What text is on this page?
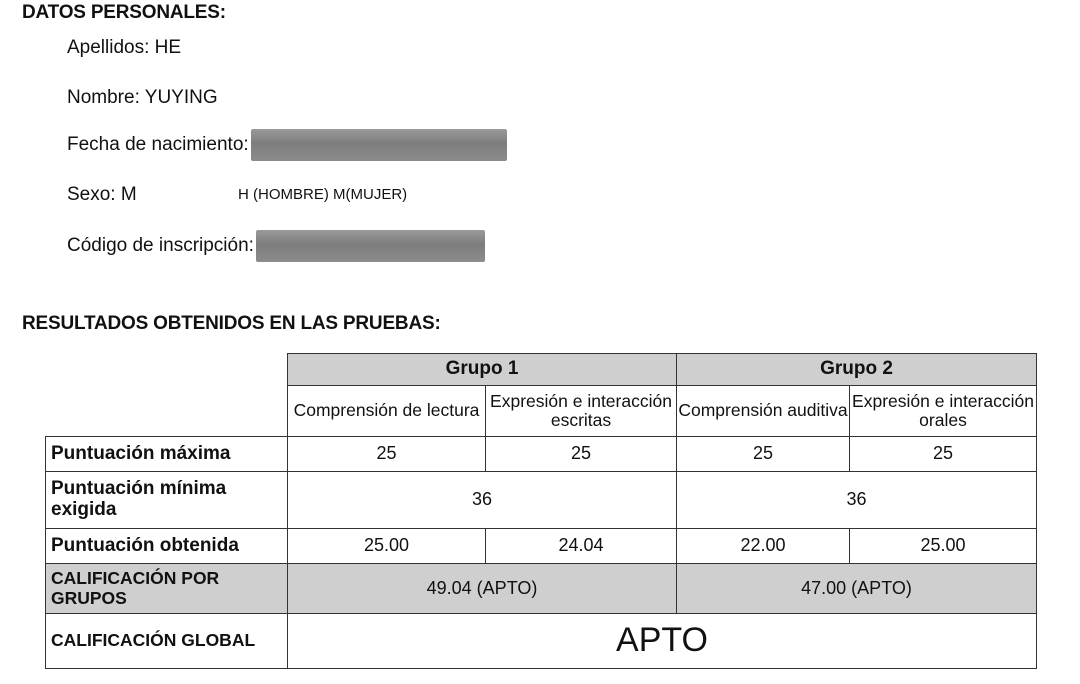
DATOS PERSONALES:
Apellidos: HE
Nombre: YUYING
Fecha de nacimiento:
Sexo: M	H (HOMBRE) M(MUJER)
Código de inscripción:
RESULTADOS OBTENIDOS EN LAS PRUEBAS:
	Grupo 1		Grupo 2	
	Comprensión de lectura	Expresión e interacción escritas	Comprensión auditiva	Expresión e interacción orales
Puntuación máxima	25	25	25	25
Puntuación mínima exigida	36		36	
Puntuación obtenida	25.00	24.04	22.00	25.00
CALIFICACIÓN POR GRUPOS	49.04 (APTO)		47.00 (APTO)	
CALIFICACIÓN GLOBAL	APTO			
